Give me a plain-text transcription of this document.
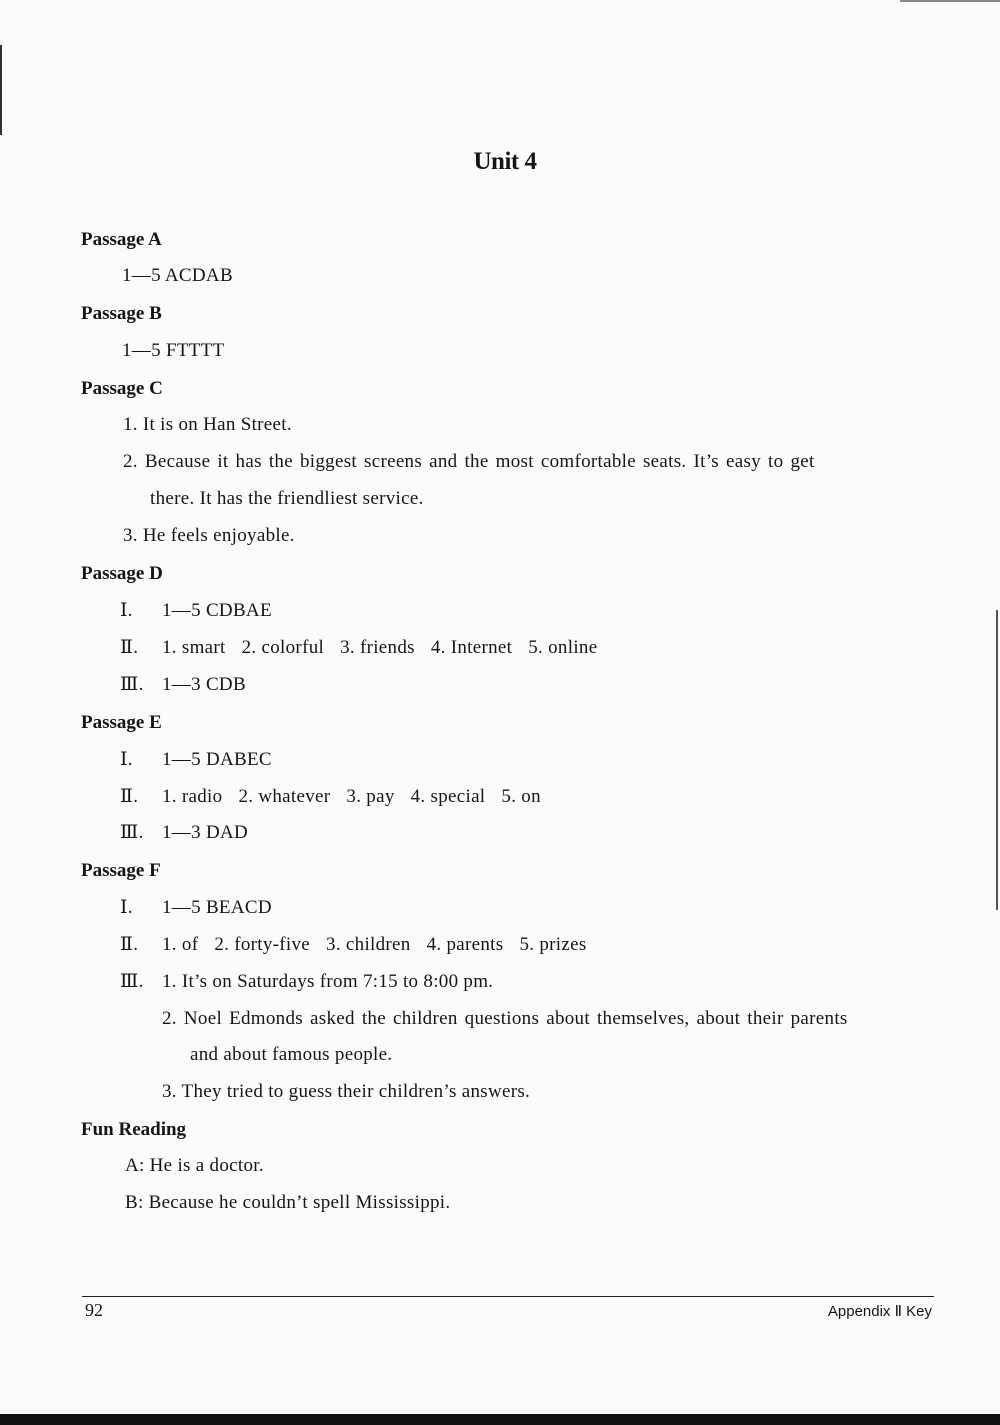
Unit 4
Passage A
1—5 ACDAB
Passage B
1—5 FTTTT
Passage C
1. It is on Han Street.
2. Because it has the biggest screens and the most comfortable seats. It’s easy to get
there. It has the friendliest service.
3. He feels enjoyable.
Passage D
Ⅰ. 1—5 CDBAE
Ⅱ. 1. smart 2. colorful 3. friends 4. Internet 5. online
Ⅲ. 1—3 CDB
Passage E
Ⅰ. 1—5 DABEC
Ⅱ. 1. radio 2. whatever 3. pay 4. special 5. on
Ⅲ. 1—3 DAD
Passage F
Ⅰ. 1—5 BEACD
Ⅱ. 1. of 2. forty-five 3. children 4. parents 5. prizes
Ⅲ. 1. It’s on Saturdays from 7:15 to 8:00 pm.
2. Noel Edmonds asked the children questions about themselves, about their parents
and about famous people.
3. They tried to guess their children’s answers.
Fun Reading
A: He is a doctor.
B: Because he couldn’t spell Mississippi.
92	Appendix Ⅱ Key
